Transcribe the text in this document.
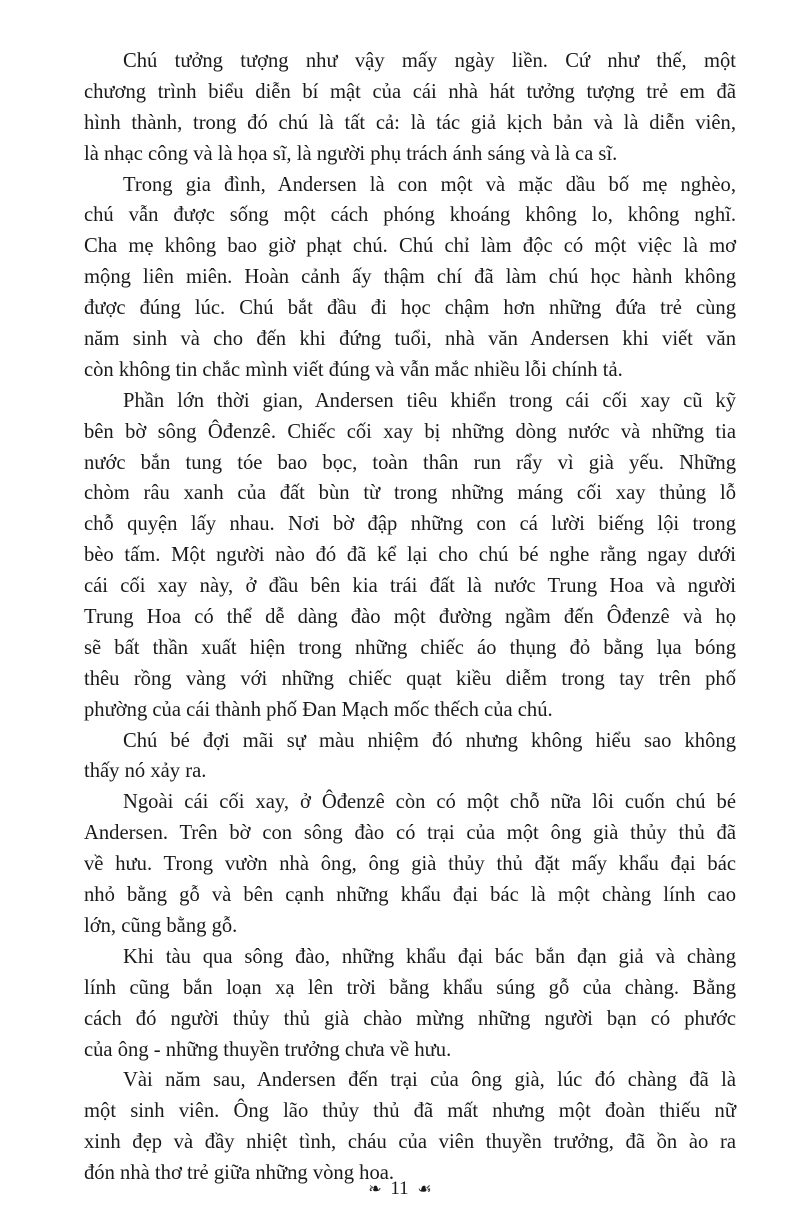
Chú tưởng tượng như vậy mấy ngày liền. Cứ như thế, một
chương trình biểu diễn bí mật của cái nhà hát tưởng tượng trẻ em đã
hình thành, trong đó chú là tất cả: là tác giả kịch bản và là diễn viên,
là nhạc công và là họa sĩ, là người phụ trách ánh sáng và là ca sĩ.
Trong gia đình, Andersen là con một và mặc dầu bố mẹ nghèo,
chú vẫn được sống một cách phóng khoáng không lo, không nghĩ.
Cha mẹ không bao giờ phạt chú. Chú chỉ làm độc có một việc là mơ
mộng liên miên. Hoàn cảnh ấy thậm chí đã làm chú học hành không
được đúng lúc. Chú bắt đầu đi học chậm hơn những đứa trẻ cùng
năm sinh và cho đến khi đứng tuổi, nhà văn Andersen khi viết văn
còn không tin chắc mình viết đúng và vẫn mắc nhiều lỗi chính tả.
Phần lớn thời gian, Andersen tiêu khiển trong cái cối xay cũ kỹ
bên bờ sông Ôđenzê. Chiếc cối xay bị những dòng nước và những tia
nước bắn tung tóe bao bọc, toàn thân run rẩy vì già yếu. Những
chòm râu xanh của đất bùn từ trong những máng cối xay thủng lỗ
chỗ quyện lấy nhau. Nơi bờ đập những con cá lười biếng lội trong
bèo tấm. Một người nào đó đã kể lại cho chú bé nghe rằng ngay dưới
cái cối xay này, ở đầu bên kia trái đất là nước Trung Hoa và người
Trung Hoa có thể dễ dàng đào một đường ngầm đến Ôđenzê và họ
sẽ bất thần xuất hiện trong những chiếc áo thụng đỏ bằng lụa bóng
thêu rồng vàng với những chiếc quạt kiều diễm trong tay trên phố
phường của cái thành phố Đan Mạch mốc thếch của chú.
Chú bé đợi mãi sự màu nhiệm đó nhưng không hiểu sao không
thấy nó xảy ra.
Ngoài cái cối xay, ở Ôđenzê còn có một chỗ nữa lôi cuốn chú bé
Andersen. Trên bờ con sông đào có trại của một ông già thủy thủ đã
về hưu. Trong vườn nhà ông, ông già thủy thủ đặt mấy khẩu đại bác
nhỏ bằng gỗ và bên cạnh những khẩu đại bác là một chàng lính cao
lớn, cũng bằng gỗ.
Khi tàu qua sông đào, những khẩu đại bác bắn đạn giả và chàng
lính cũng bắn loạn xạ lên trời bằng khẩu súng gỗ của chàng. Bằng
cách đó người thủy thủ già chào mừng những người bạn có phước
của ông - những thuyền trưởng chưa về hưu.
Vài năm sau, Andersen đến trại của ông già, lúc đó chàng đã là
một sinh viên. Ông lão thủy thủ đã mất nhưng một đoàn thiếu nữ
xinh đẹp và đầy nhiệt tình, cháu của viên thuyền trưởng, đã ồn ào ra
đón nhà thơ trẻ giữa những vòng hoa.
❧ 11 ☙
